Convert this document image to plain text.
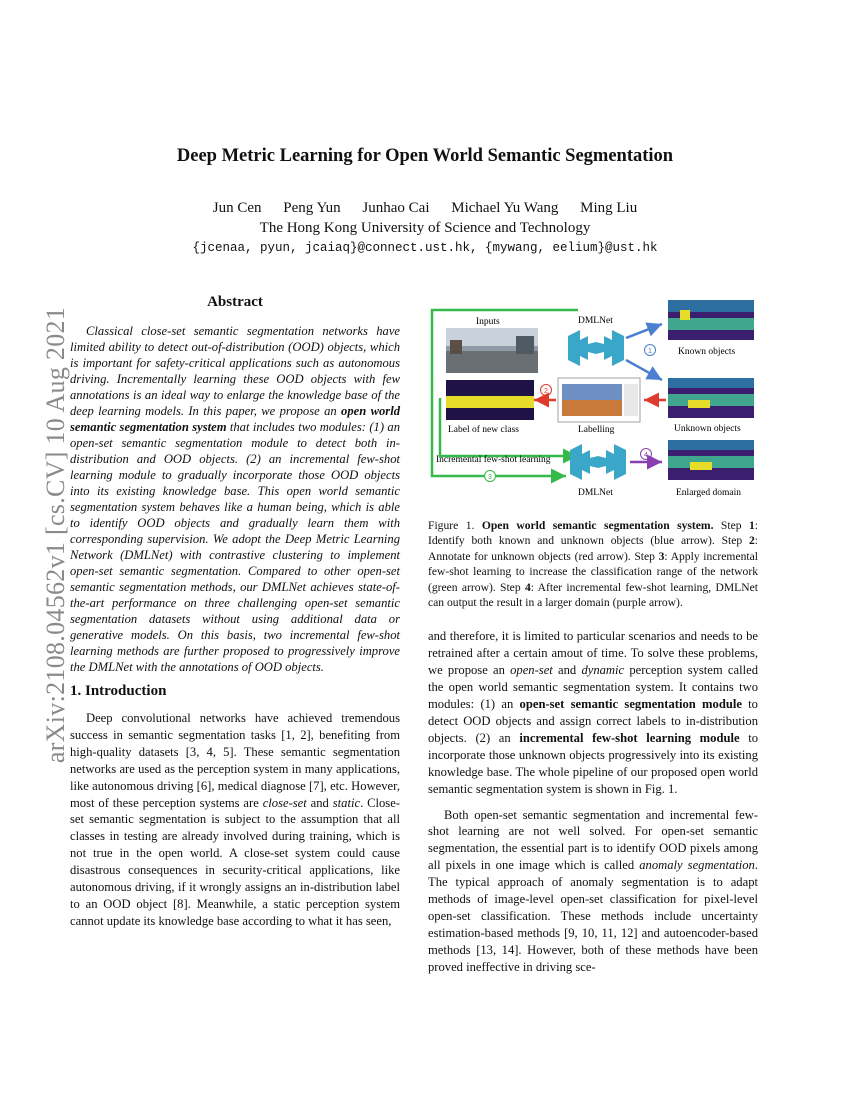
arXiv:2108.04562v1 [cs.CV] 10 Aug 2021
Deep Metric Learning for Open World Semantic Segmentation
Jun Cen Peng Yun Junhao Cai Michael Yu Wang Ming Liu
The Hong Kong University of Science and Technology
{jcenaa, pyun, jcaiaq}@connect.ust.hk, {mywang, eelium}@ust.hk
Abstract

Classical close-set semantic segmentation networks have limited ability to detect out-of-distribution (OOD) objects, which is important for safety-critical applications such as autonomous driving. Incrementally learning these OOD objects with few annotations is an ideal way to enlarge the knowledge base of the deep learning models. In this paper, we propose an open world semantic segmentation system that includes two modules: (1) an open-set semantic segmentation module to detect both in-distribution and OOD objects. (2) an incremental few-shot learning module to gradually incorporate those OOD objects into its existing knowledge base. This open world semantic segmentation system behaves like a human being, which is able to identify OOD objects and gradually learn them with corresponding supervision. We adopt the Deep Metric Learning Network (DMLNet) with contrastive clustering to implement open-set semantic segmentation. Compared to other open-set semantic segmentation methods, our DMLNet achieves state-of-the-art performance on three challenging open-set semantic segmentation datasets without using additional data or generative models. On this basis, two incremental few-shot learning methods are further proposed to progressively improve the DMLNet with the annotations of OOD objects.

1. Introduction

Deep convolutional networks have achieved tremendous success in semantic segmentation tasks [1, 2], benefiting from high-quality datasets [3, 4, 5]. These semantic segmentation networks are used as the perception system in many applications, like autonomous driving [6], medical diagnose [7], etc. However, most of these perception systems are close-set and static. Close-set semantic segmentation is subject to the assumption that all classes in testing are already involved during training, which is not true in the open world. A close-set system could cause disastrous consequences in security-critical applications, like autonomous driving, if it wrongly assigns an in-distribution label to an OOD object [8]. Meanwhile, a static perception system cannot update its knowledge base according to what it has seen,

Inputs	DMLNet
1	Known objects
Unknown objects
Labelling
2
Label of new class
Incremental few-shot learning
3
DMLNet
4
Enlarged domain

Figure 1. Open world semantic segmentation system. Step 1: Identify both known and unknown objects (blue arrow). Step 2: Annotate for unknown objects (red arrow). Step 3: Apply incremental few-shot learning to increase the classification range of the network (green arrow). Step 4: After incremental few-shot learning, DMLNet can output the result in a larger domain (purple arrow).

and therefore, it is limited to particular scenarios and needs to be retrained after a certain amout of time. To solve these problems, we propose an open-set and dynamic perception system called the open world semantic segmentation system. It contains two modules: (1) an open-set semantic segmentation module to detect OOD objects and assign correct labels to in-distribution objects. (2) an incremental few-shot learning module to incorporate those unknown objects progressively into its existing knowledge base. The whole pipeline of our proposed open world semantic segmentation system is shown in Fig. 1.

Both open-set semantic segmentation and incremental few-shot learning are not well solved. For open-set semantic segmentation, the essential part is to identify OOD pixels among all pixels in one image which is called anomaly segmentation. The typical approach of anomaly segmentation is to adapt methods of image-level open-set classification for pixel-level open-set classification. These methods include uncertainty estimation-based methods [9, 10, 11, 12] and autoencoder-based methods [13, 14]. However, both of these methods have been proved ineffective in driving sce-
